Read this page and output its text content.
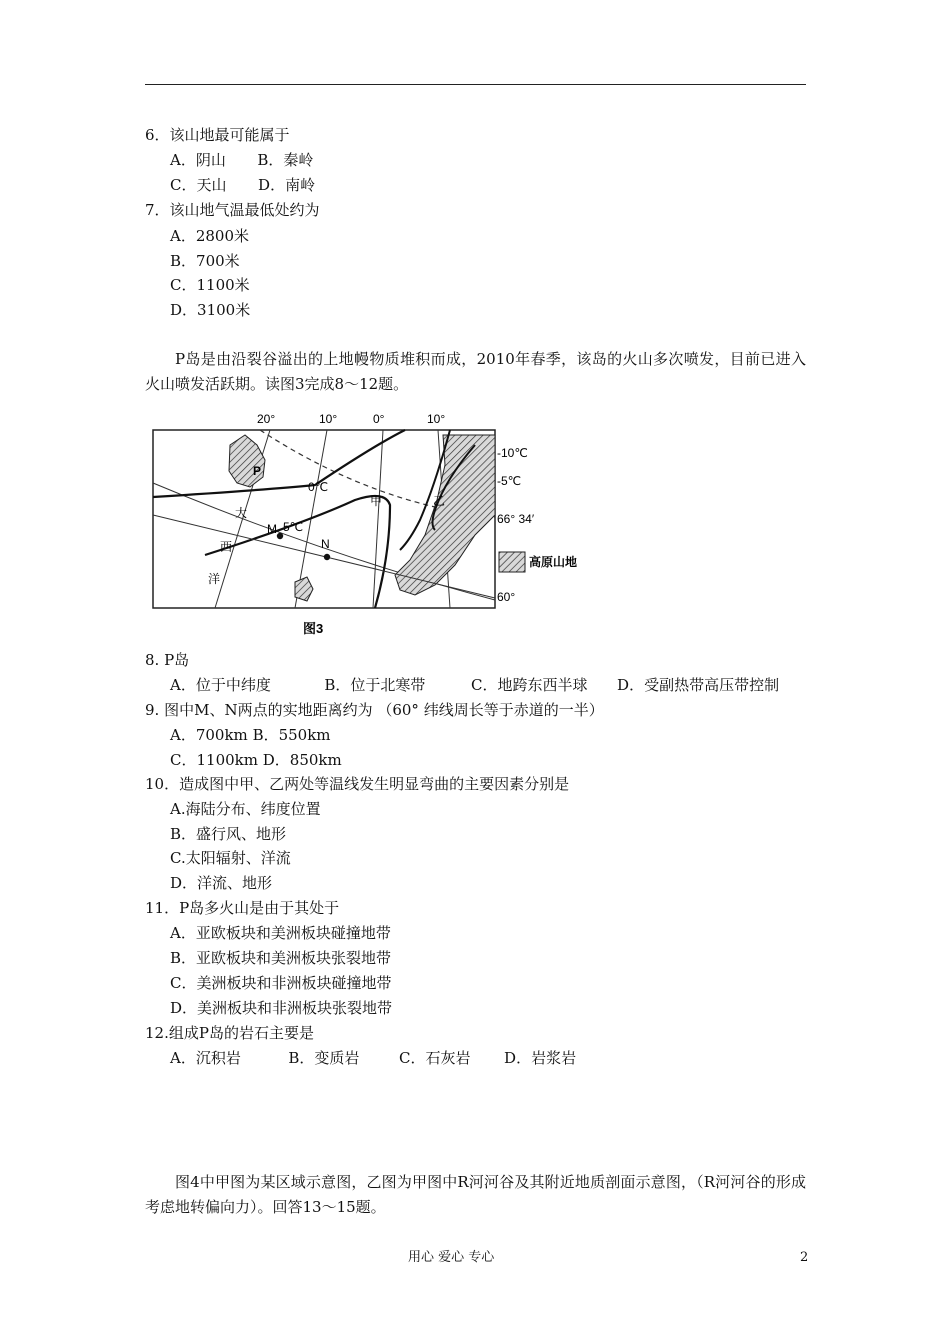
6．该山地最可能属于
A．阴山 B．秦岭
C．天山 D．南岭
7．该山地气温最低处约为
A．2800米
B．700米
C．1100米
D．3100米
P岛是由沿裂谷溢出的上地幔物质堆积而成，2010年春季，该岛的火山多次喷发，目前已进入火山喷发活跃期。读图3完成8～12题。
20°	10°	0°	10°
P
M
N
甲	乙
0℃
5℃
-10℃
-5℃
66° 34′
60°
大
西
洋
高原山地
图3
8. P岛
A．位于中纬度	B．位于北寒带	C．地跨东西半球 D．受副热带高压带控制
9. 图中M、N两点的实地距离约为 （60° 纬线周长等于赤道的一半）
A．700km B．550km
C．1100km D．850km
10．造成图中甲、乙两处等温线发生明显弯曲的主要因素分别是
A.海陆分布、纬度位置
B．盛行风、地形
C.太阳辐射、洋流
D．洋流、地形
11．P岛多火山是由于其处于
A．亚欧板块和美洲板块碰撞地带
B．亚欧板块和美洲板块张裂地带
C．美洲板块和非洲板块碰撞地带
D．美洲板块和非洲板块张裂地带
12.组成P岛的岩石主要是
A．沉积岩	B．变质岩	C．石灰岩 D．岩浆岩
图4中甲图为某区域示意图，乙图为甲图中R河河谷及其附近地质剖面示意图，（R河河谷的形成考虑地转偏向力）。回答13～15题。
用心 爱心 专心	2
